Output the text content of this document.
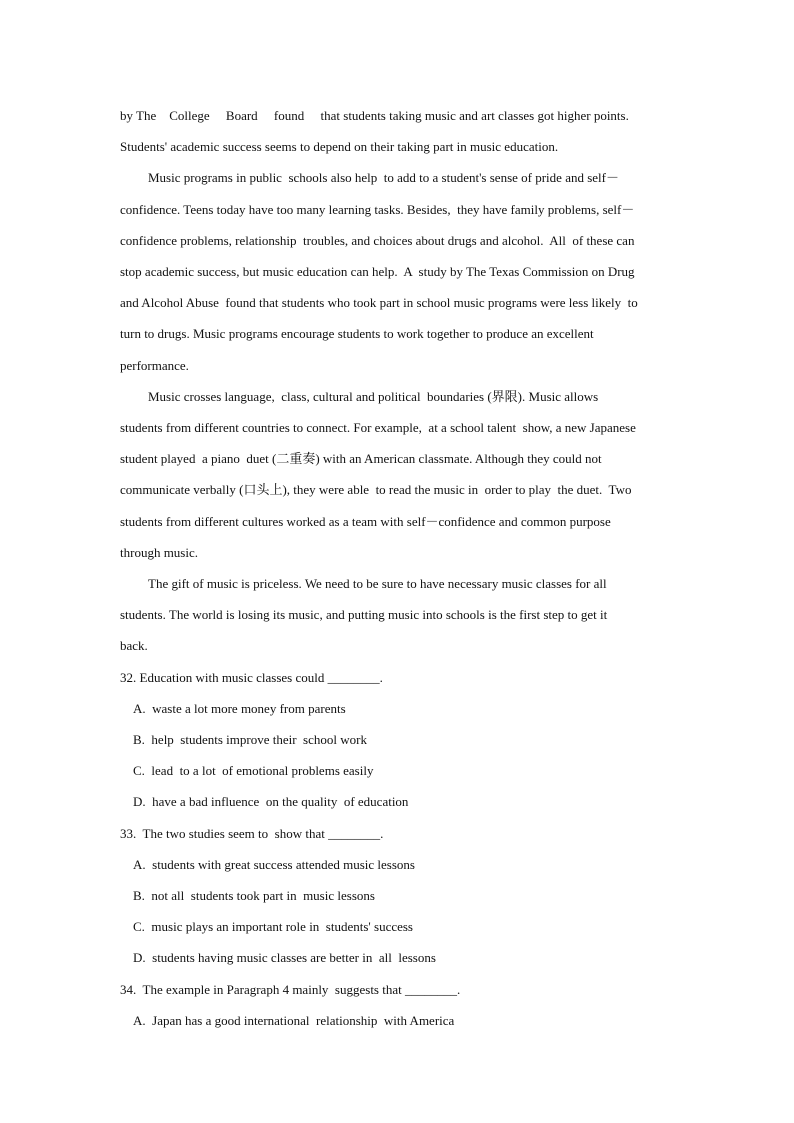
by The    College     Board     found     that students taking music and art classes got higher points.

Students' academic success seems to depend on their taking part in music education.

Music programs in public  schools also help  to add to a student's sense of pride and self－

confidence. Teens today have too many learning tasks. Besides,  they have family problems, self－

confidence problems, relationship  troubles, and choices about drugs and alcohol.  All  of these can

stop academic success, but music education can help.  A  study by The Texas Commission on Drug

and Alcohol Abuse  found that students who took part in school music programs were less likely  to

turn to drugs. Music programs encourage students to work together to produce an excellent

performance.

Music crosses language,  class, cultural and political  boundaries (界限). Music allows

students from different countries to connect. For example,  at a school talent  show, a new Japanese

student played  a piano  duet (二重奏) with an American classmate. Although they could not

communicate verbally (口头上), they were able  to read the music in  order to play  the duet.  Two

students from different cultures worked as a team with self－confidence and common purpose

through music.

The gift of music is priceless. We need to be sure to have necessary music classes for all

students. The world is losing its music, and putting music into schools is the first step to get it

back.

32. Education with music classes could ________.

A.  waste a lot more money from parents

B.  help  students improve their  school work

C.  lead  to a lot  of emotional problems easily

D.  have a bad influence  on the quality  of education

33.  The two studies seem to  show that ________.

A.  students with great success attended music lessons

B.  not all  students took part in  music lessons

C.  music plays an important role in  students' success

D.  students having music classes are better in  all  lessons

34.  The example in Paragraph 4 mainly  suggests that ________.

A.  Japan has a good international  relationship  with America
